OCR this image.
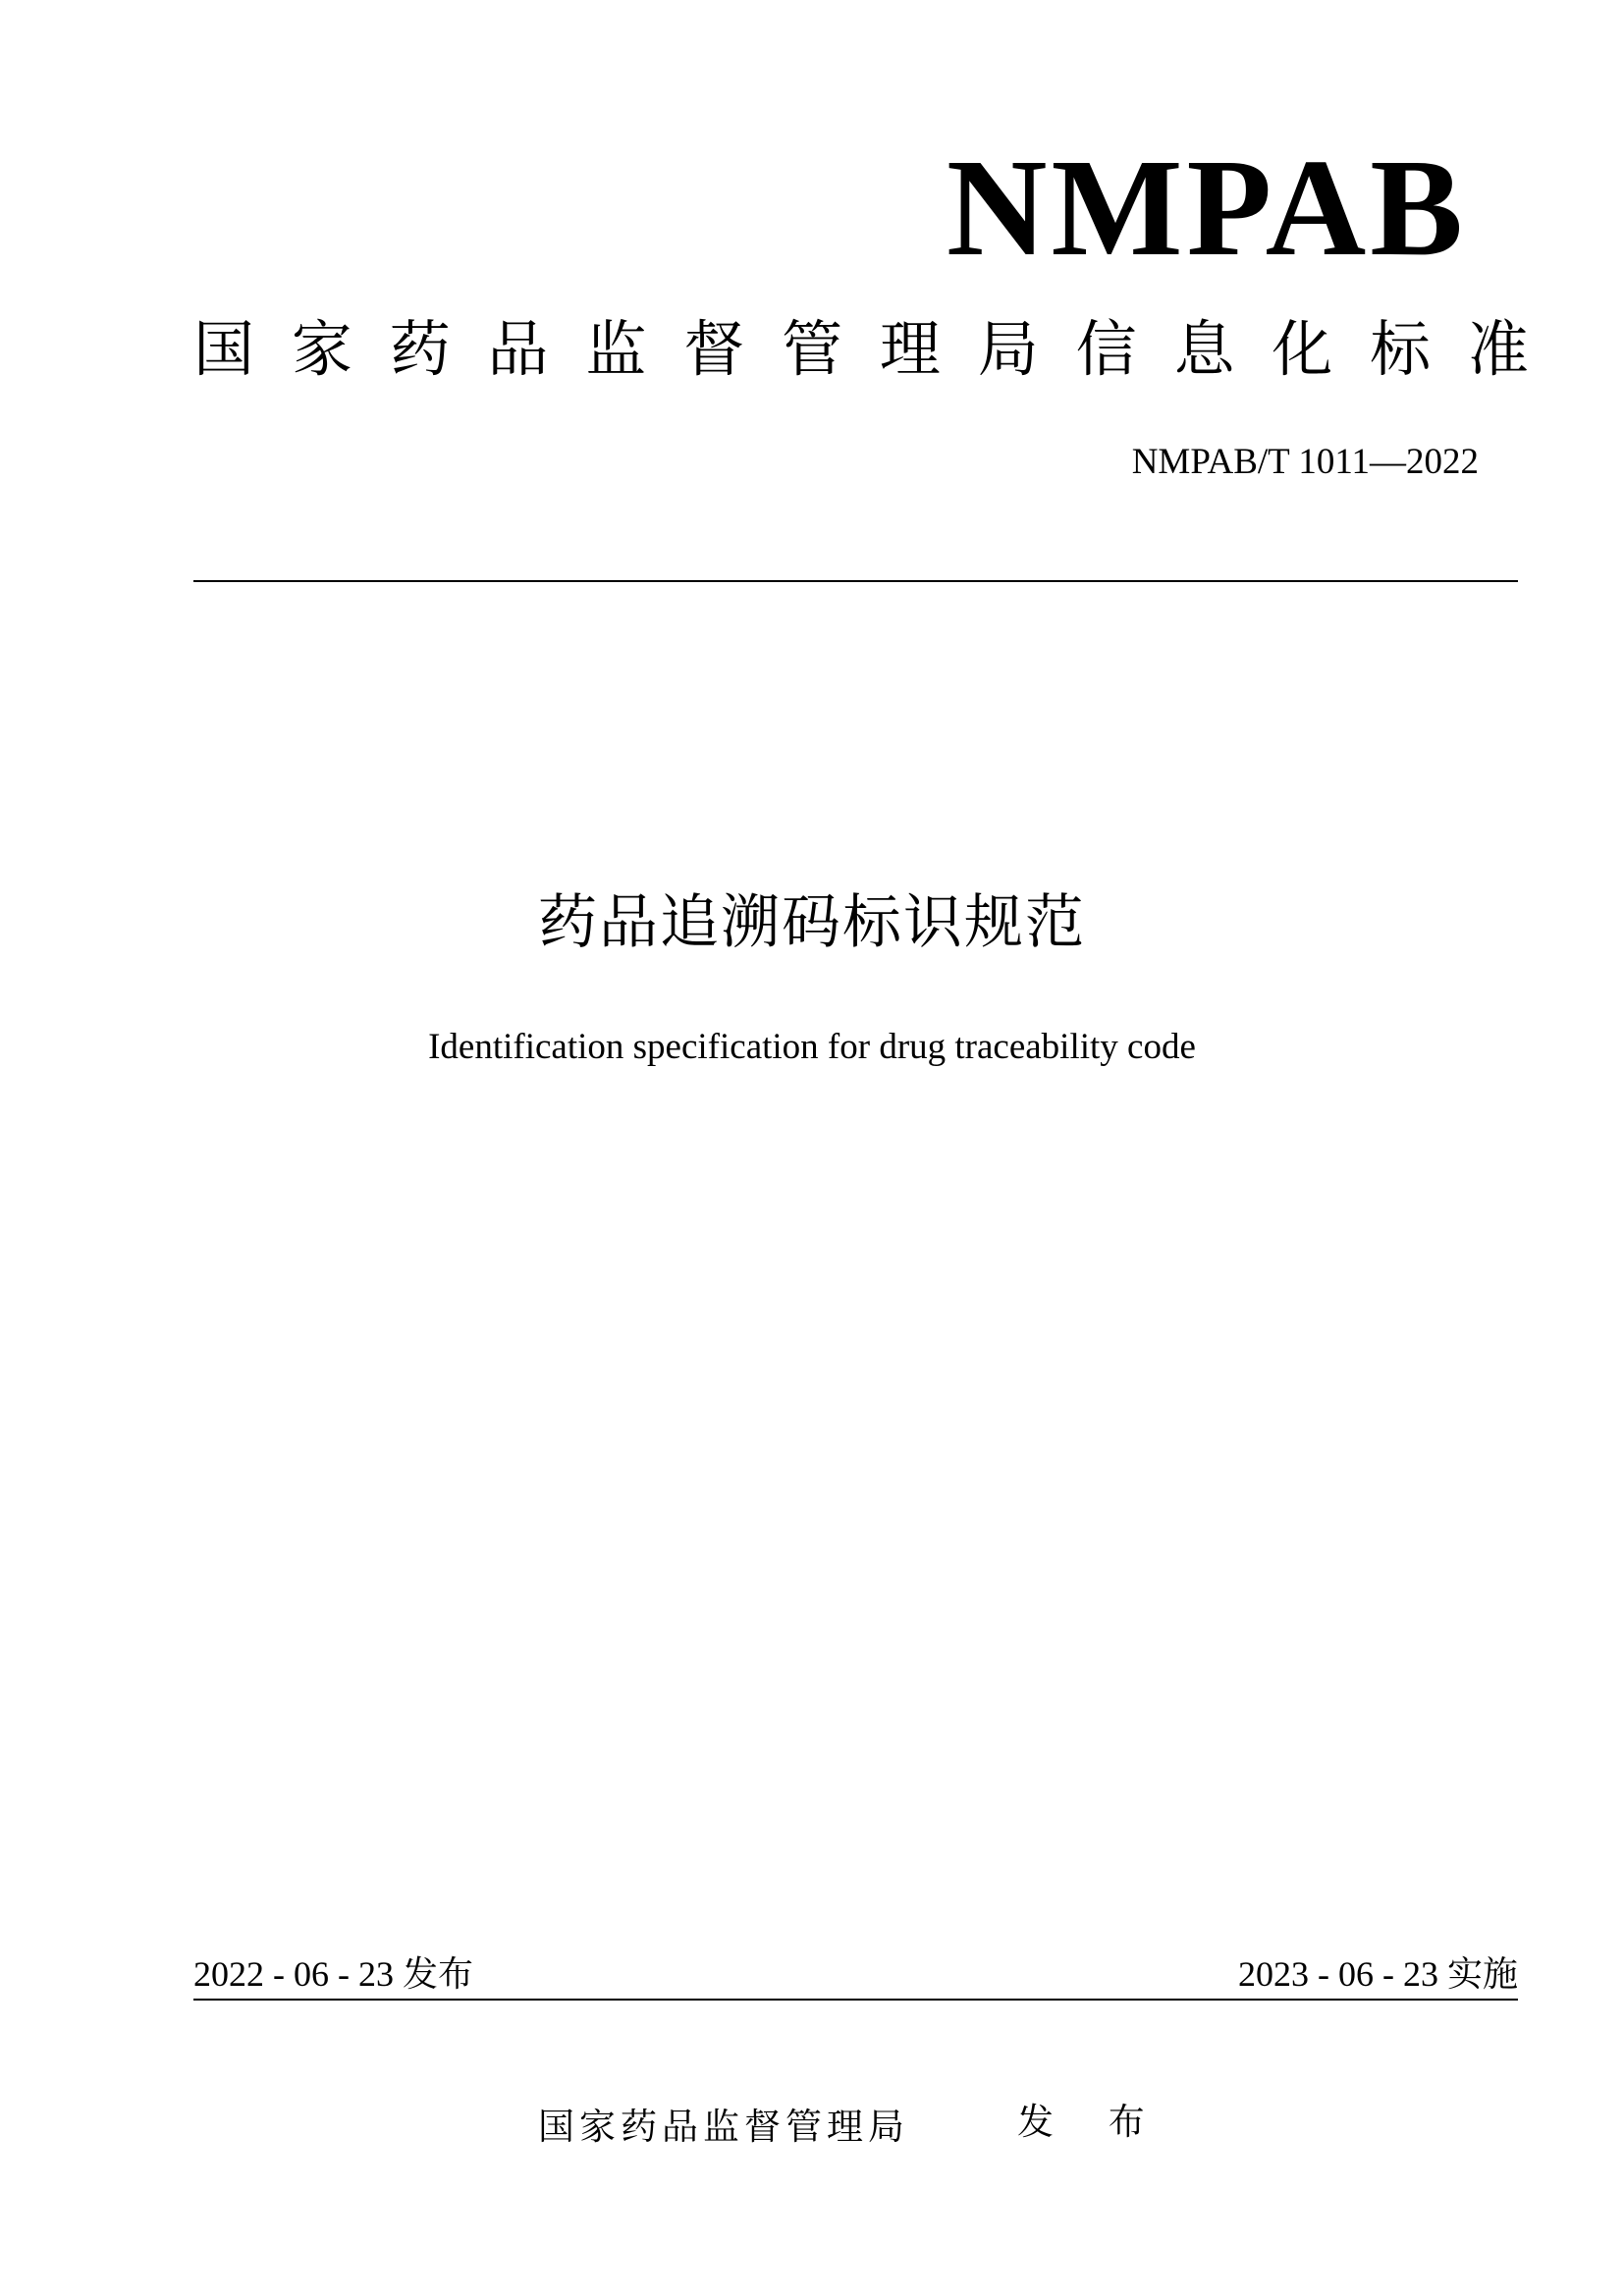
NMPAB
国 家 药 品 监 督 管 理 局 信 息 化 标 准
NMPAB/T 1011—2022
药品追溯码标识规范
Identification specification for drug traceability code
2022 - 06 - 23 发布	2023 - 06 - 23 实施
国家药品监督管理局	发 布
